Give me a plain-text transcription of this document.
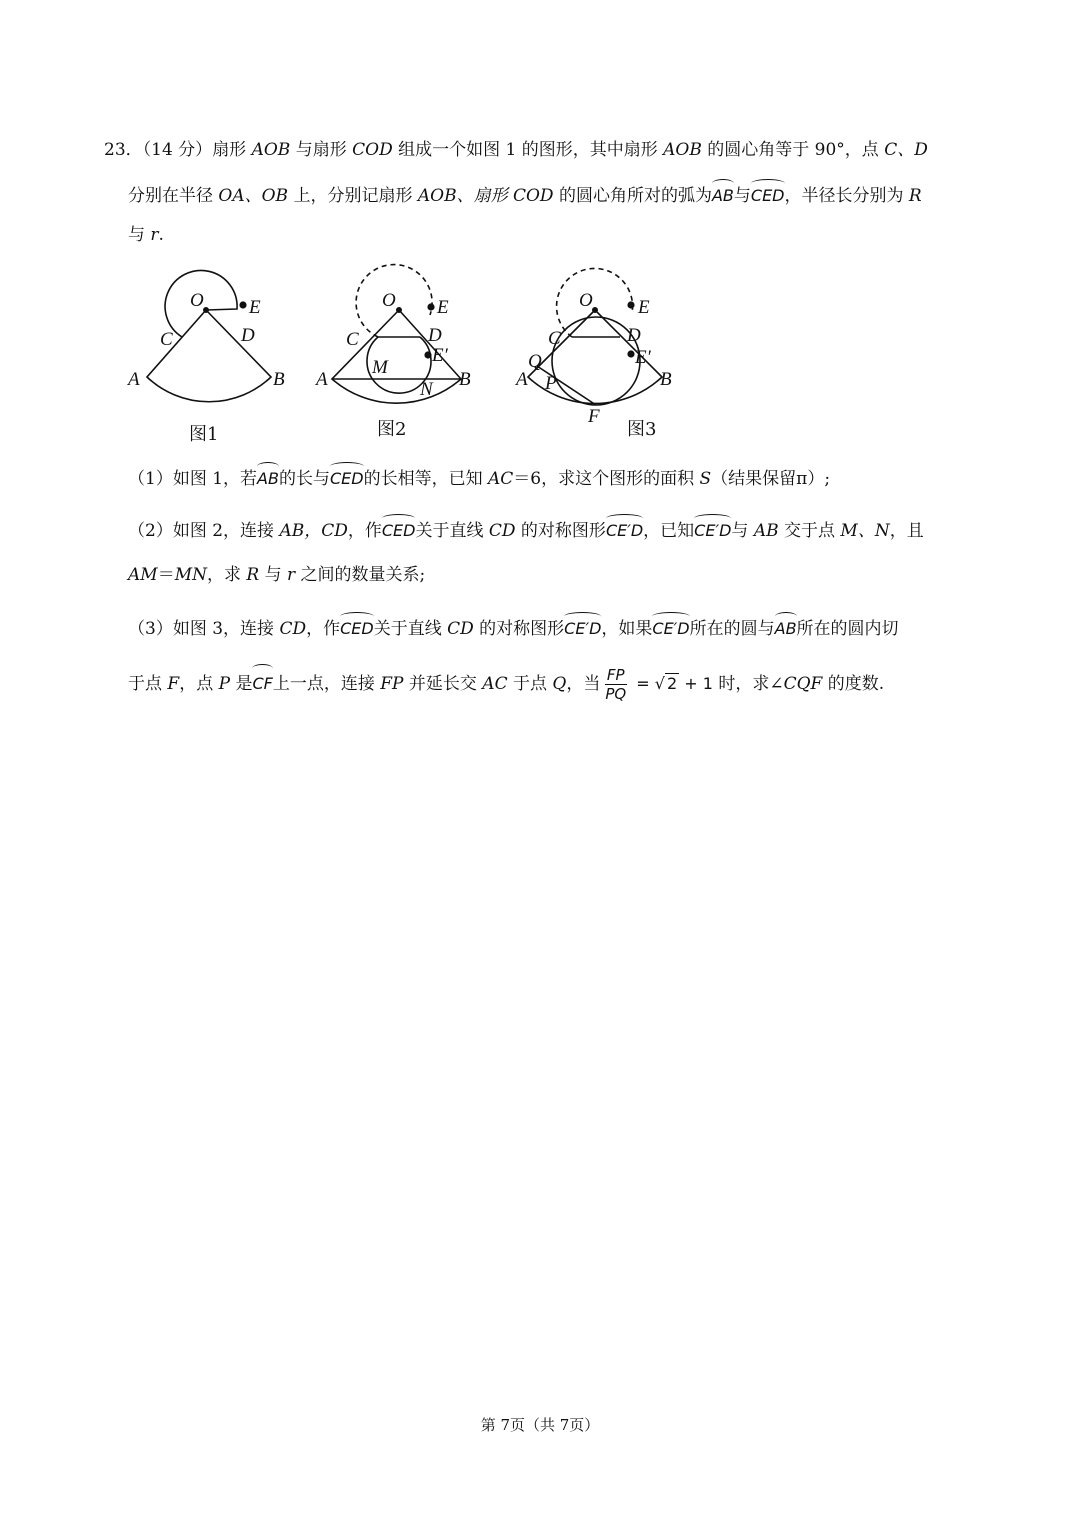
23．（14 分）扇形 AOB 与扇形 COD 组成一个如图 1 的图形，其中扇形 AOB 的圆心角等于 90°，点 C、D
分别在半径 OA、OB 上，分别记扇形 AOB、扇形 COD 的圆心角所对的弧为AB与CED，半径长分别为 R
与 r.
O E
C	D
A	B
O E
C	D
E′
M
N
A	B
O E
C	D
E′
Q
P
F
A	B
图1	图2	图3
（1）如图 1，若AB的长与CED的长相等，已知 AC＝6，求这个图形的面积 S（结果保留π）;
（2）如图 2，连接 AB，CD，作CED关于直线 CD 的对称图形CE′D，已知CE′D与 AB 交于点 M、N，且
AM＝MN，求 R 与 r 之间的数量关系;
（3）如图 3，连接 CD，作CED关于直线 CD 的对称图形CE′D，如果CE′D所在的圆与AB所在的圆内切
于点 F，点 P 是CF上一点，连接 FP 并延长交 AC 于点 Q，当 $\frac{FP}{PQ}$ = √ 2 + 1 时，求∠CQF 的度数.
第 7页（共 7页）
